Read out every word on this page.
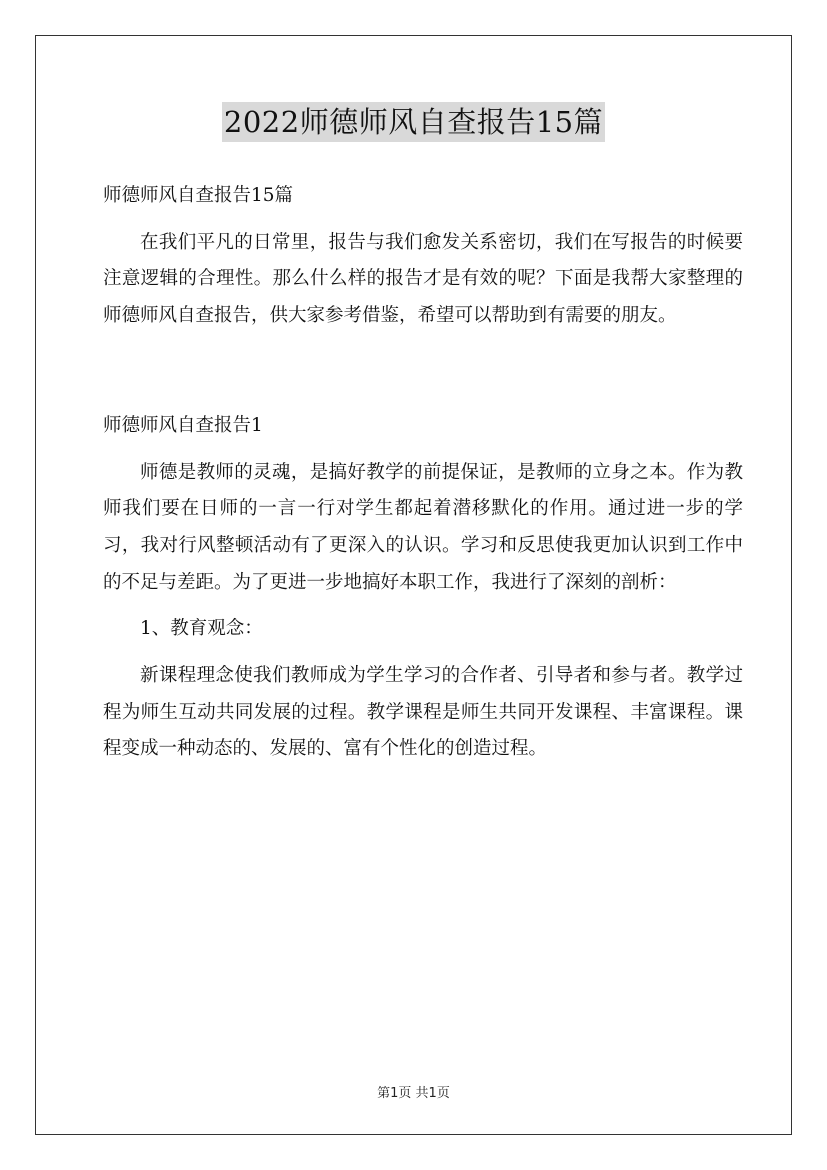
2022师德师风自查报告15篇

师德师风自查报告15篇

在我们平凡的日常里，报告与我们愈发关系密切，我们在写报告的时候要注意逻辑的合理性。那么什么样的报告才是有效的呢？下面是我帮大家整理的师德师风自查报告，供大家参考借鉴，希望可以帮助到有需要的朋友。

师德师风自查报告1

师德是教师的灵魂，是搞好教学的前提保证，是教师的立身之本。作为教师我们要在日师的一言一行对学生都起着潜移默化的作用。通过进一步的学习，我对行风整顿活动有了更深入的认识。学习和反思使我更加认识到工作中的不足与差距。为了更进一步地搞好本职工作，我进行了深刻的剖析：

1、教育观念：

新课程理念使我们教师成为学生学习的合作者、引导者和参与者。教学过程为师生互动共同发展的过程。教学课程是师生共同开发课程、丰富课程。课程变成一种动态的、发展的、富有个性化的创造过程。

第1页 共1页
